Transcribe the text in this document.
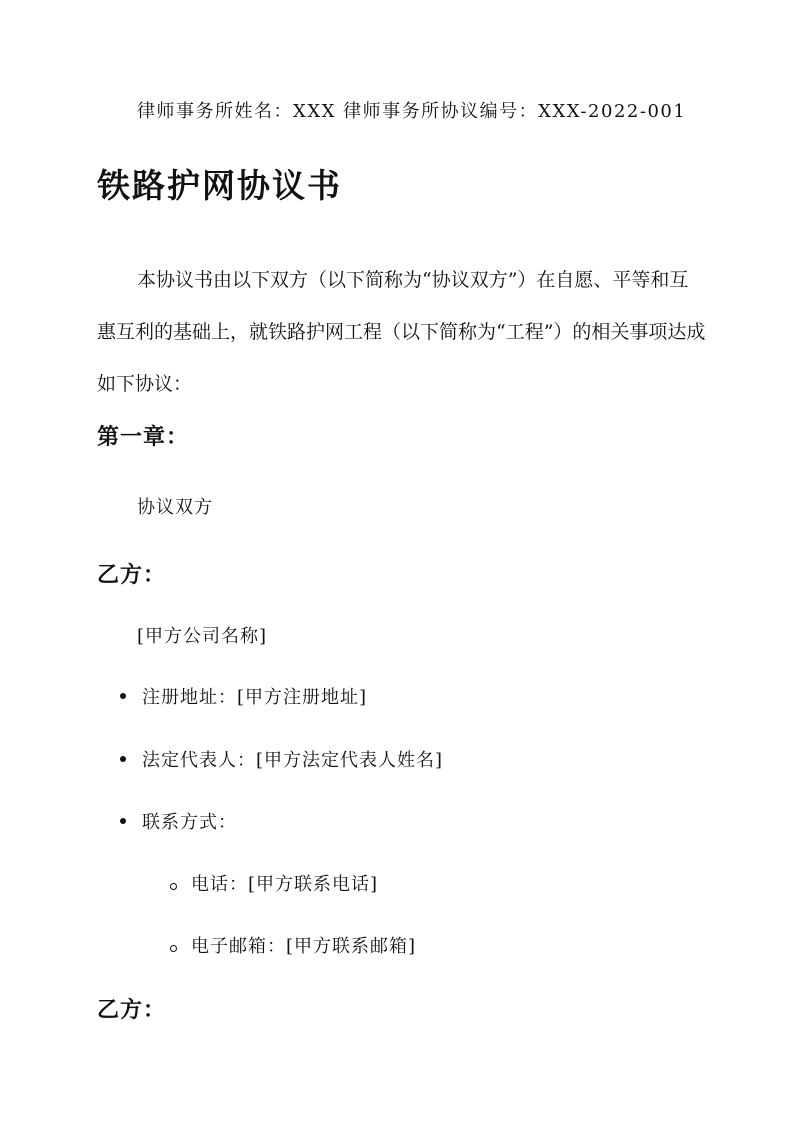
律师事务所姓名：XXX 律师事务所协议编号：XXX-2022-001
铁路护网协议书
本协议书由以下双方（以下简称为“协议双方”）在自愿、平等和互惠互利的基础上，就铁路护网工程（以下简称为“工程”）的相关事项达成如下协议：
第一章：
协议双方
乙方：
[甲方公司名称]
注册地址：[甲方注册地址]
法定代表人：[甲方法定代表人姓名]
联系方式：
电话：[甲方联系电话]
电子邮箱：[甲方联系邮箱]
乙方：
